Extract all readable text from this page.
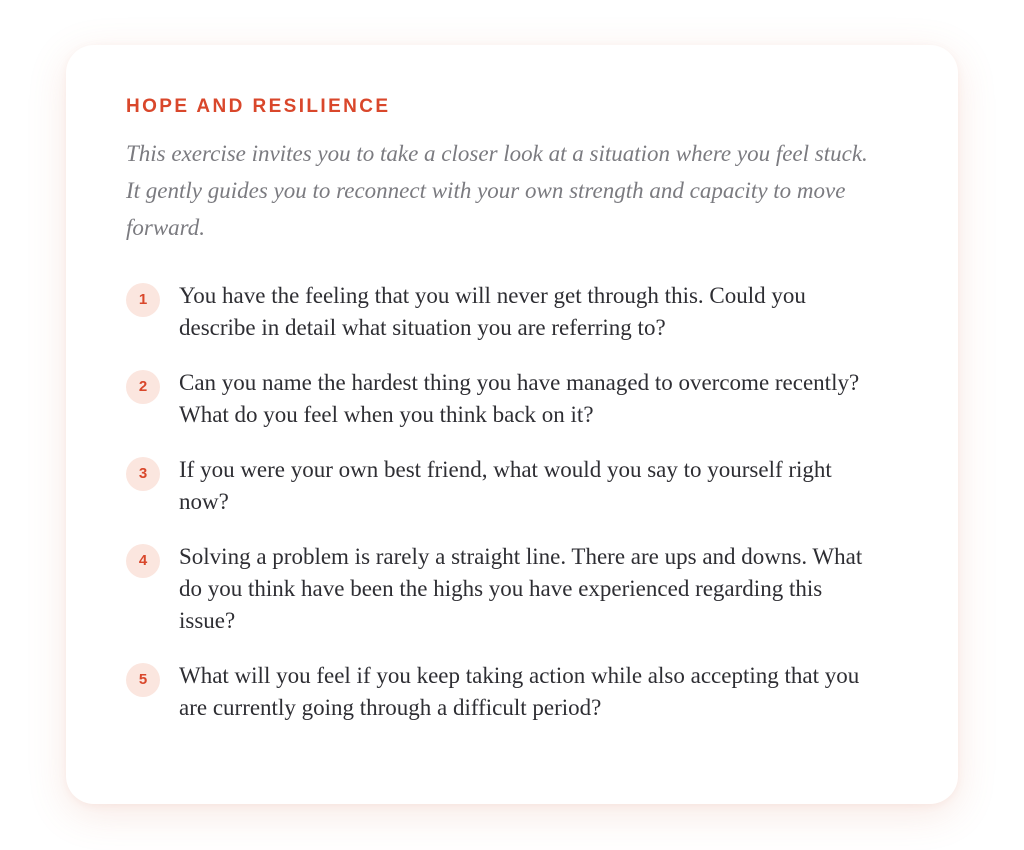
HOPE AND RESILIENCE

This exercise invites you to take a closer look at a situation where you feel stuck. It gently guides you to reconnect with your own strength and capacity to move forward.

1	You have the feeling that you will never get through this. Could you describe in detail what situation you are referring to?

2	Can you name the hardest thing you have managed to overcome recently? What do you feel when you think back on it?

3	If you were your own best friend, what would you say to yourself right now?

4	Solving a problem is rarely a straight line. There are ups and downs. What do you think have been the highs you have experienced regarding this issue?

5	What will you feel if you keep taking action while also accepting that you are currently going through a difficult period?
